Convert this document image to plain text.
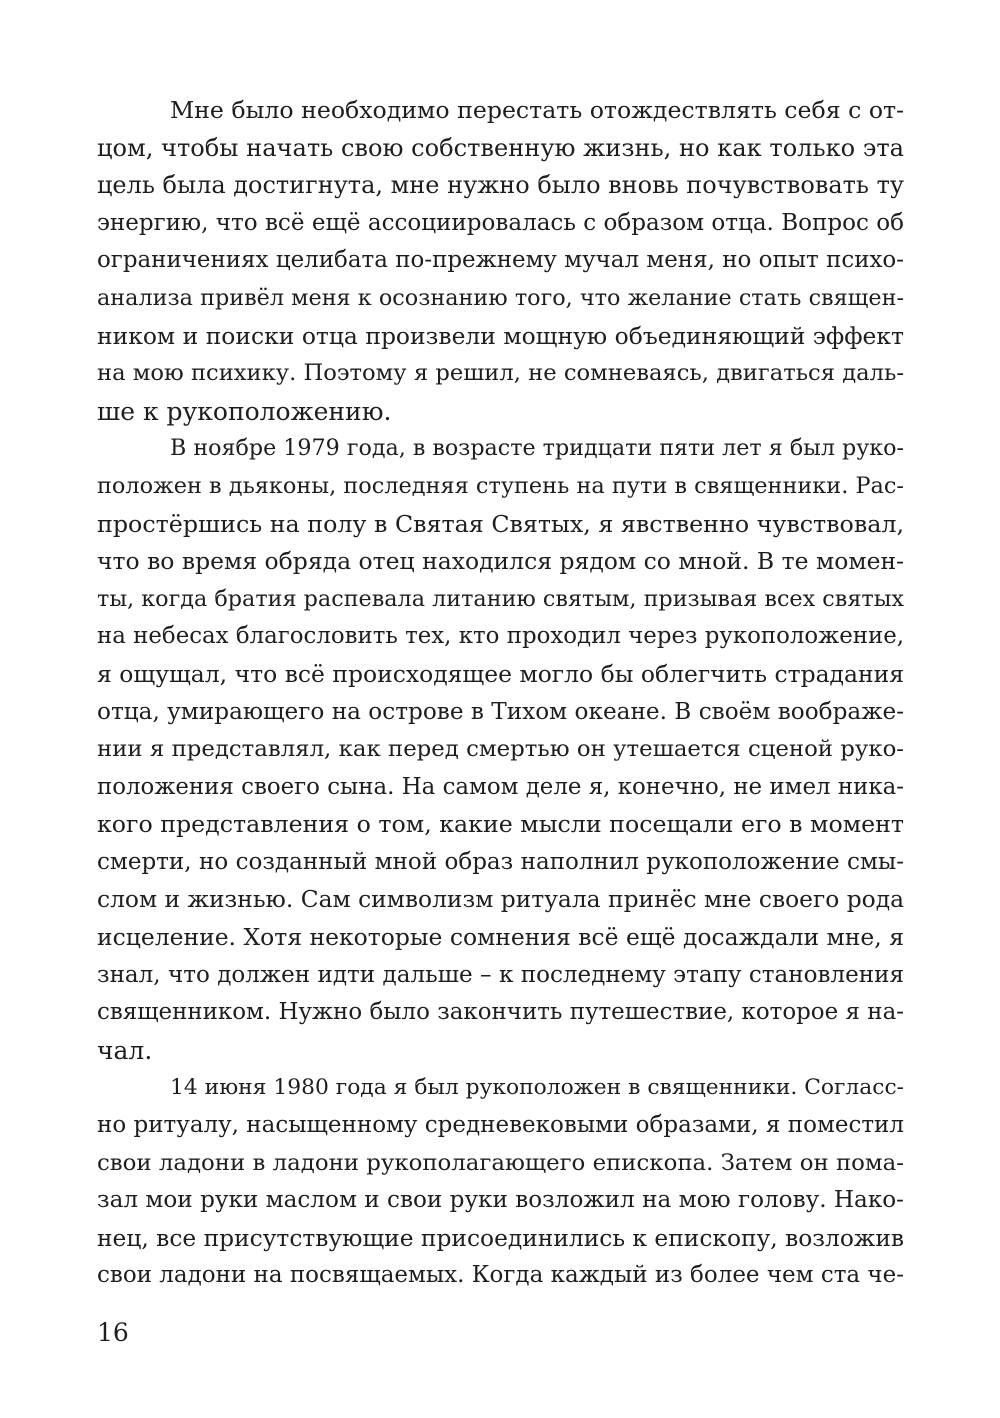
Мне было необходимо перестать отождествлять себя с от-
цом, чтобы начать свою собственную жизнь, но как только эта
цель была достигнута, мне нужно было вновь почувствовать ту
энергию, что всё ещё ассоциировалась с образом отца. Вопрос об
ограничениях целибата по-прежнему мучал меня, но опыт психо-
анализа привёл меня к осознанию того, что желание стать священ-
ником и поиски отца произвели мощную объединяющий эффект
на мою психику. Поэтому я решил, не сомневаясь, двигаться даль-
ше к рукоположению.
В ноябре 1979 года, в возрасте тридцати пяти лет я был руко-
положен в дьяконы, последняя ступень на пути в священники. Рас-
простёршись на полу в Святая Святых, я явственно чувствовал,
что во время обряда отец находился рядом со мной. В те момен-
ты, когда братия распевала литанию святым, призывая всех святых
на небесах благословить тех, кто проходил через рукоположение,
я ощущал, что всё происходящее могло бы облегчить страдания
отца, умирающего на острове в Тихом океане. В своём воображе-
нии я представлял, как перед смертью он утешается сценой руко-
положения своего сына. На самом деле я, конечно, не имел ника-
кого представления о том, какие мысли посещали его в момент
смерти, но созданный мной образ наполнил рукоположение смы-
слом и жизнью. Сам символизм ритуала принёс мне своего рода
исцеление. Хотя некоторые сомнения всё ещё досаждали мне, я
знал, что должен идти дальше – к последнему этапу становления
священником. Нужно было закончить путешествие, которое я на-
чал.
14 июня 1980 года я был рукоположен в священники. Согласс-
но ритуалу, насыщенному средневековыми образами, я поместил
свои ладони в ладони рукополагающего епископа. Затем он пома-
зал мои руки маслом и свои руки возложил на мою голову. Нако-
нец, все присутствующие присоединились к епископу, возложив
свои ладони на посвящаемых. Когда каждый из более чем ста че-
16
